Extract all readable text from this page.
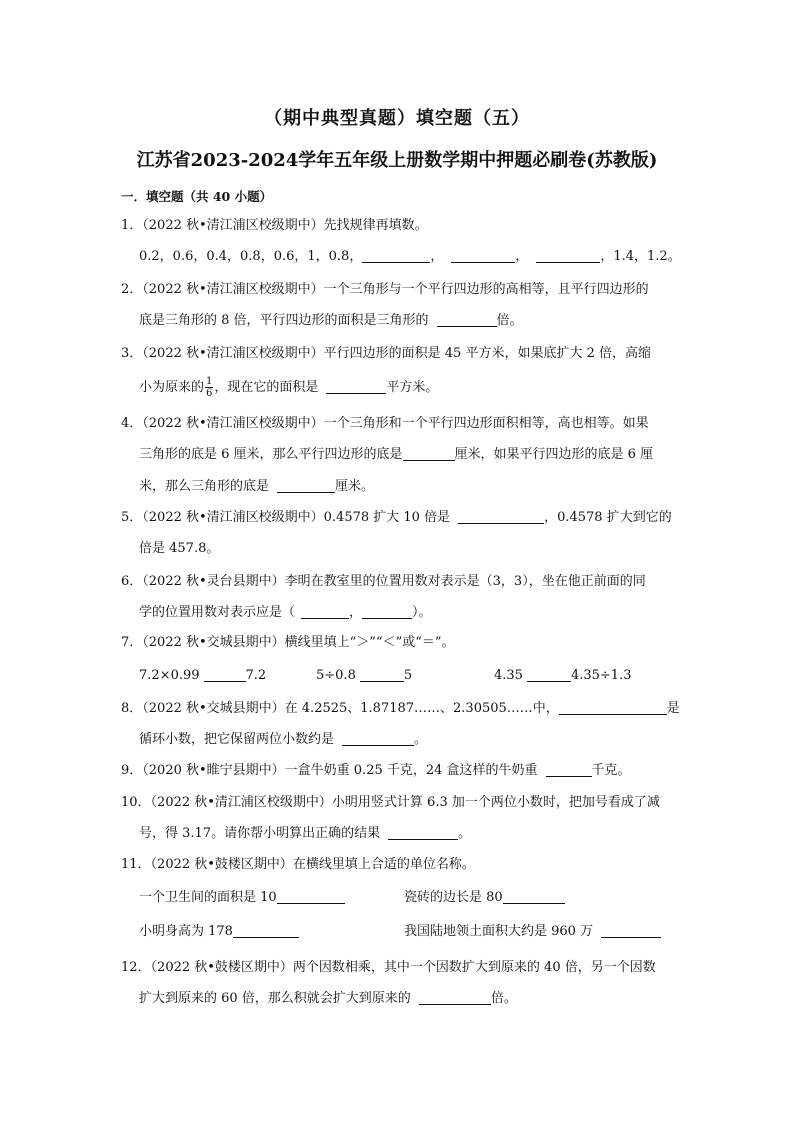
（期中典型真题）填空题（五）
江苏省2023-2024学年五年级上册数学期中押题必刷卷(苏教版)
一．填空题（共 40 小题）
1．（2022 秋•清江浦区校级期中）先找规律再填数。
0.2，0.6，0.4，0.8，0.6，1，0.8，	，	，	，1.4，1.2。
2．（2022 秋•清江浦区校级期中）一个三角形与一个平行四边形的高相等，且平行四边形的
底是三角形的 8 倍，平行四边形的面积是三角形的	倍。
3．（2022 秋•清江浦区校级期中）平行四边形的面积是 45 平方米，如果底扩大 2 倍，高缩
小为原来的 $\frac{1}{6}$ ，现在它的面积是	平方米。
4．（2022 秋•清江浦区校级期中）一个三角形和一个平行四边形面积相等，高也相等。如果
三角形的底是 6 厘米，那么平行四边形的底是	厘米，如果平行四边形的底是 6 厘
米，那么三角形的底是	厘米。
5．（2022 秋•清江浦区校级期中）0.4578 扩大 10 倍是	，0.4578 扩大到它的
倍是 457.8。
6．（2022 秋•灵台县期中）李明在教室里的位置用数对表示是（3，3），坐在他正前面的同
学的位置用数对表示应是（	，	）。
7．（2022 秋•交城县期中）横线里填上“＞”“＜”或“＝”。
7.2×0.99	7.2	5÷0.8	5	4.35	4.35÷1.3
8．（2022 秋•交城县期中）在 4.2525、1.87187……、2.30505……中，	是
循环小数，把它保留两位小数约是	。
9．（2020 秋•睢宁县期中）一盒牛奶重 0.25 千克，24 盒这样的牛奶重	千克。
10．（2022 秋•清江浦区校级期中）小明用竖式计算 6.3 加一个两位小数时，把加号看成了减
号，得 3.17。请你帮小明算出正确的结果	。
11．（2022 秋•鼓楼区期中）在横线里填上合适的单位名称。
一个卫生间的面积是 10	瓷砖的边长是 80
小明身高为 178	我国陆地领土面积大约是 960 万
12．（2022 秋•鼓楼区期中）两个因数相乘，其中一个因数扩大到原来的 40 倍，另一个因数
扩大到原来的 60 倍，那么积就会扩大到原来的	倍。
